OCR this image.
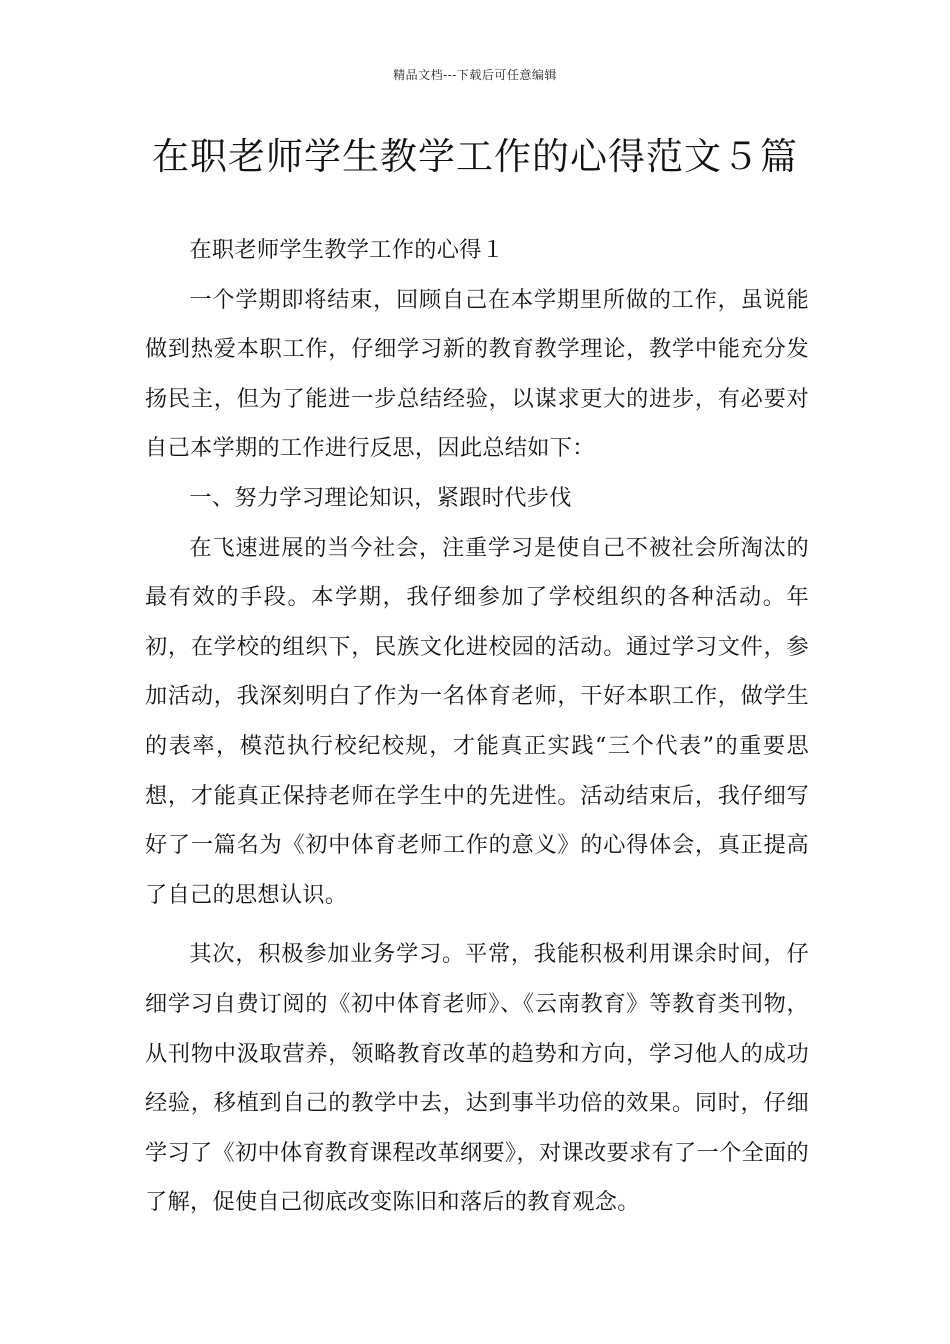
精品文档---下载后可任意编辑
在职老师学生教学工作的心得范文５篇

在职老师学生教学工作的心得１

一个学期即将结束，回顾自己在本学期里所做的工作，虽说能做到热爱本职工作，仔细学习新的教育教学理论，教学中能充分发扬民主，但为了能进一步总结经验，以谋求更大的进步，有必要对自己本学期的工作进行反思，因此总结如下：

一、努力学习理论知识，紧跟时代步伐

在飞速进展的当今社会，注重学习是使自己不被社会所淘汰的最有效的手段。本学期，我仔细参加了学校组织的各种活动。年初，在学校的组织下，民族文化进校园的活动。通过学习文件，参加活动，我深刻明白了作为一名体育老师，干好本职工作，做学生的表率，模范执行校纪校规，才能真正实践“三个代表”的重要思想，才能真正保持老师在学生中的先进性。活动结束后，我仔细写好了一篇名为《初中体育老师工作的意义》的心得体会，真正提高了自己的思想认识。

其次，积极参加业务学习。平常，我能积极利用课余时间，仔细学习自费订阅的《初中体育老师》、《云南教育》等教育类刊物，从刊物中汲取营养，领略教育改革的趋势和方向，学习他人的成功经验，移植到自己的教学中去，达到事半功倍的效果。同时，仔细学习了《初中体育教育课程改革纲要》，对课改要求有了一个全面的了解，促使自己彻底改变陈旧和落后的教育观念。
